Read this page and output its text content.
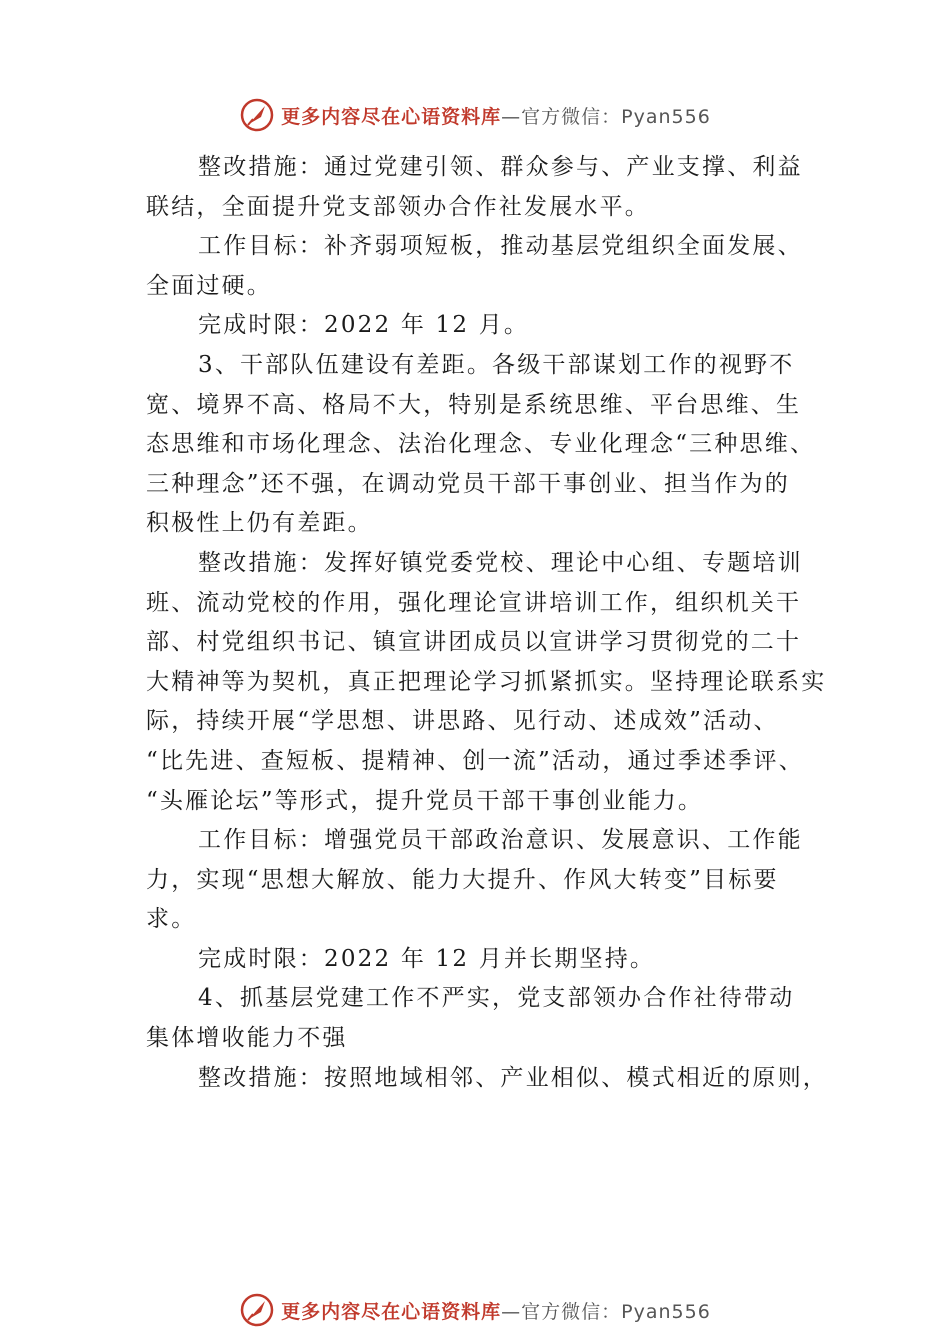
更多内容尽在心语资料库 —官方微信：Pyan556
整改措施：通过党建引领、群众参与、产业支撑、利益
联结，全面提升党支部领办合作社发展水平。
工作目标：补齐弱项短板，推动基层党组织全面发展、
全面过硬。
完成时限：2022 年 12 月。
3、干部队伍建设有差距。各级干部谋划工作的视野不
宽、境界不高、格局不大，特别是系统思维、平台思维、生
态思维和市场化理念、法治化理念、专业化理念“三种思维、
三种理念”还不强，在调动党员干部干事创业、担当作为的
积极性上仍有差距。
整改措施：发挥好镇党委党校、理论中心组、专题培训
班、流动党校的作用，强化理论宣讲培训工作，组织机关干
部、村党组织书记、镇宣讲团成员以宣讲学习贯彻党的二十
大精神等为契机，真正把理论学习抓紧抓实。坚持理论联系实
际，持续开展“学思想、讲思路、见行动、述成效”活动、
“比先进、查短板、提精神、创一流”活动，通过季述季评、
“头雁论坛”等形式，提升党员干部干事创业能力。
工作目标：增强党员干部政治意识、发展意识、工作能
力，实现“思想大解放、能力大提升、作风大转变”目标要
求。
完成时限：2022 年 12 月并长期坚持。
4、抓基层党建工作不严实，党支部领办合作社待带动
集体增收能力不强
整改措施：按照地域相邻、产业相似、模式相近的原则，
更多内容尽在心语资料库 —官方微信：Pyan556
